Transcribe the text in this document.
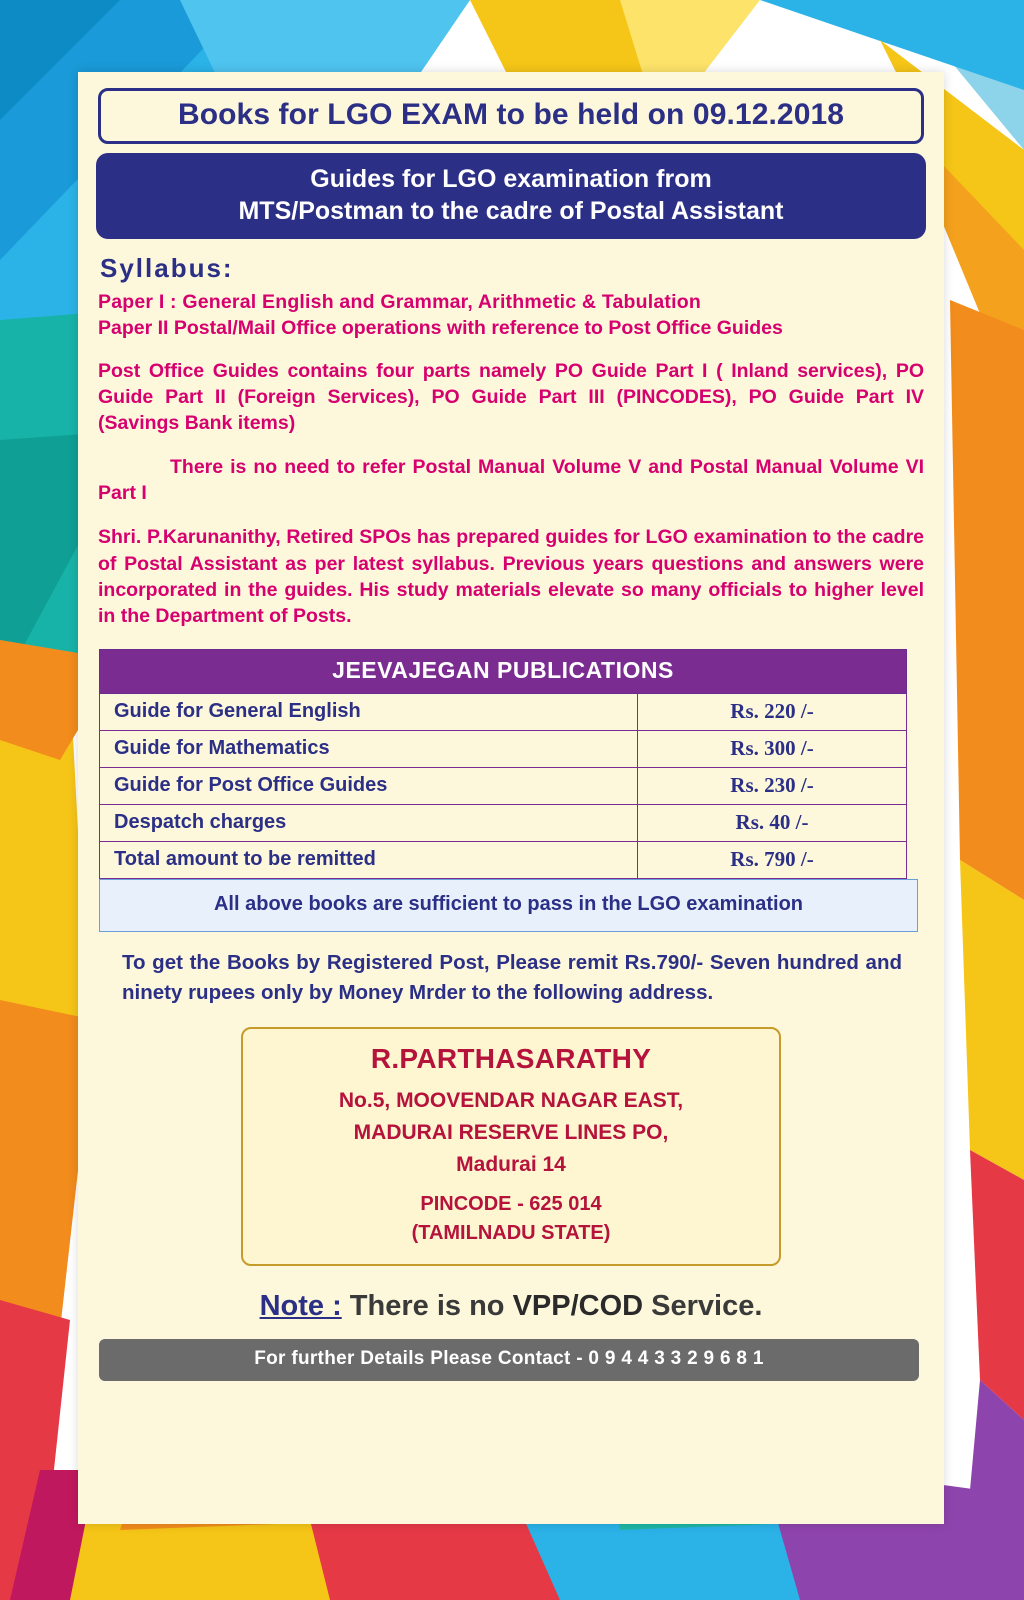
Books for LGO EXAM to be held on 09.12.2018
Guides for LGO examination from
MTS/Postman to the cadre of Postal Assistant
Syllabus:
Paper I : General English and Grammar, Arithmetic & Tabulation
Paper II Postal/Mail Office operations with reference to Post Office Guides
Post Office Guides contains four parts namely PO Guide Part I ( Inland services), PO Guide Part II (Foreign Services), PO Guide Part III (PINCODES), PO Guide Part IV (Savings Bank items)
There is no need to refer Postal Manual Volume V and Postal Manual Volume VI Part I
Shri. P.Karunanithy, Retired SPOs has prepared guides for LGO examination to the cadre of Postal Assistant as per latest syllabus. Previous years questions and answers were incorporated in the guides. His study materials elevate so many officials to higher level in the Department of Posts.
JEEVAJEGAN PUBLICATIONS	
Guide for General English	Rs. 220 /-
Guide for Mathematics	Rs. 300 /-
Guide for Post Office Guides	Rs. 230 /-
Despatch charges	Rs. 40 /-
Total amount to be remitted	Rs. 790 /-
All above books are sufficient to pass in the LGO examination
To get the Books by Registered Post, Please remit Rs.790/- Seven hundred and ninety rupees only by Money Mrder to the following address.
R.PARTHASARATHY
No.5, MOOVENDAR NAGAR EAST,
MADURAI RESERVE LINES PO,
Madurai 14
PINCODE - 625 014
(TAMILNADU STATE)
Note : There is no VPP/COD Service.
For further Details Please Contact - 0 9 4 4 3 3 2 9 6 8 1
